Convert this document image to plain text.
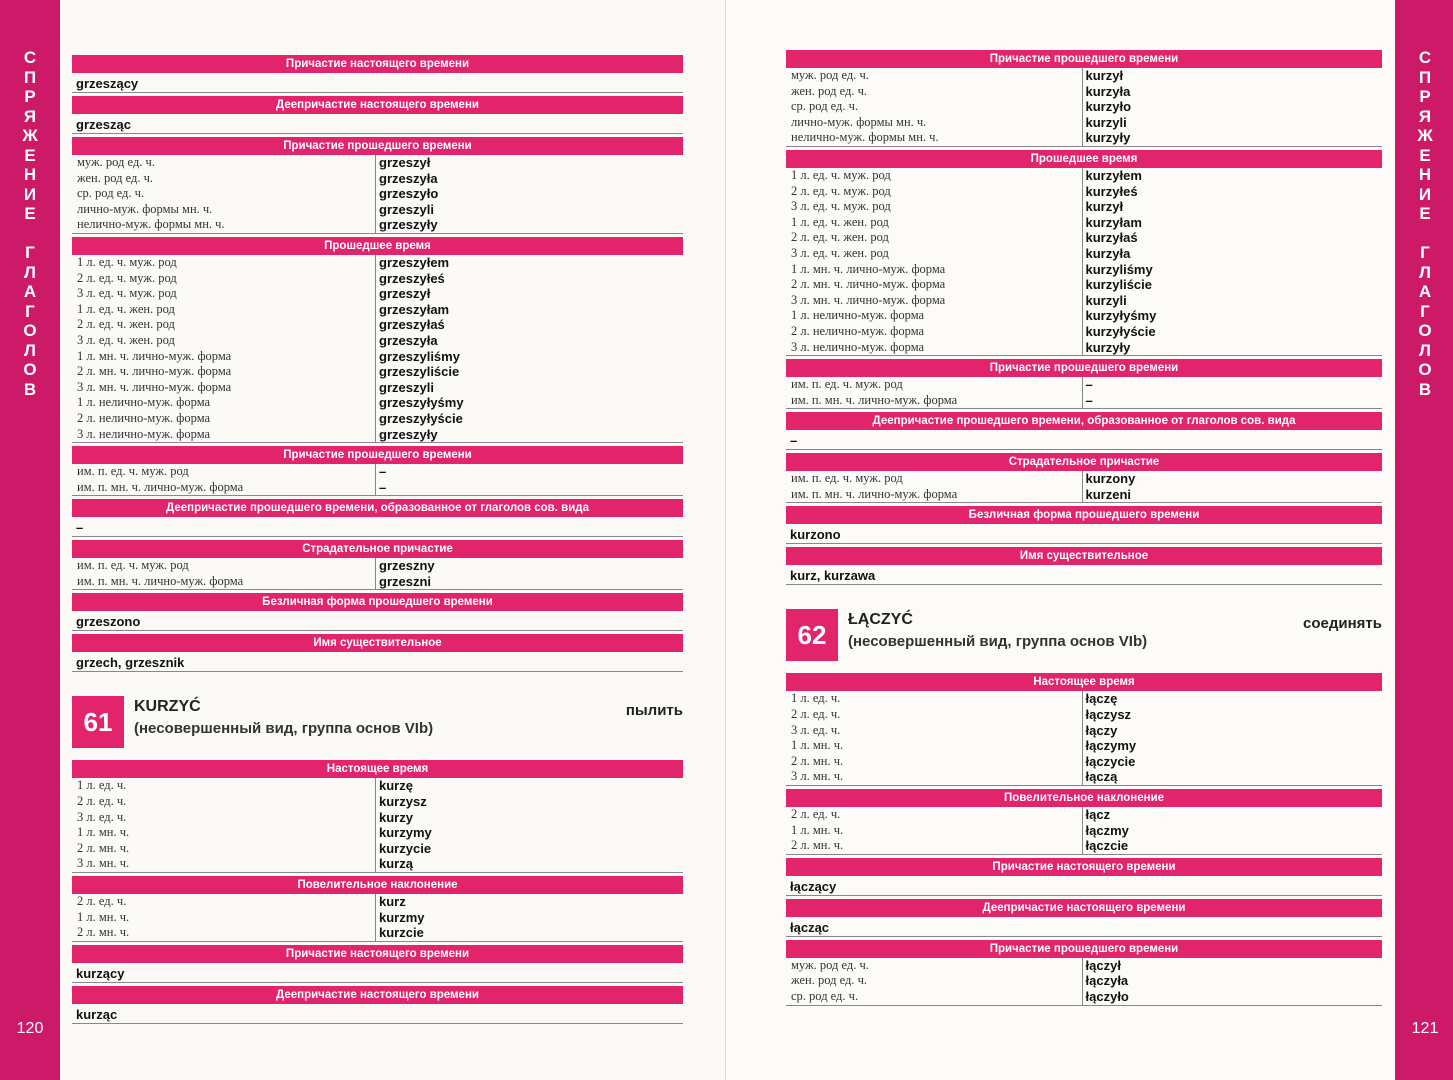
С
П
Р
Я
Ж
Е
Н
И
Е
Г
Л
А
Г
О
Л
О
В
120
Причастие настоящего времени
grzeszący
Деепричастие настоящего времени
grzesząc
Причастие прошедшего времени
муж. род ед. ч.
жен. род ед. ч.
ср. род ед. ч.
лично-муж. формы мн. ч.
нелично-муж. формы мн. ч.
grzeszył
grzeszyła
grzeszyło
grzeszyli
grzeszyły
Прошедшее время
1 л. ед. ч. муж. род
2 л. ед. ч. муж. род
3 л. ед. ч. муж. род
1 л. ед. ч. жен. род
2 л. ед. ч. жен. род
3 л. ед. ч. жен. род
1 л. мн. ч. лично-муж. форма
2 л. мн. ч. лично-муж. форма
3 л. мн. ч. лично-муж. форма
1 л. нелично-муж. форма
2 л. нелично-муж. форма
3 л. нелично-муж. форма
grzeszyłem
grzeszyłeś
grzeszył
grzeszyłam
grzeszyłaś
grzeszyła
grzeszyliśmy
grzeszyliście
grzeszyli
grzeszyłyśmy
grzeszyłyście
grzeszyły
Причастие прошедшего времени
им. п. ед. ч. муж. род
им. п. мн. ч. лично-муж. форма
–
–
Деепричастие прошедшего времени, образованное от глаголов сов. вида
–
Страдательное причастие
им. п. ед. ч. муж. род
им. п. мн. ч. лично-муж. форма
grzeszny
grzeszni
Безличная форма прошедшего времени
grzeszono
Имя существительное
grzech, grzesznik
61
KURZYĆ
(несовершенный вид, группа основ VIb)
пылить
Настоящее время
1 л. ед. ч.
2 л. ед. ч.
3 л. ед. ч.
1 л. мн. ч.
2 л. мн. ч.
3 л. мн. ч.
kurzę
kurzysz
kurzy
kurzymy
kurzycie
kurzą
Повелительное наклонение
2 л. ед. ч.
1 л. мн. ч.
2 л. мн. ч.
kurz
kurzmy
kurzcie
Причастие настоящего времени
kurzący
Деепричастие настоящего времени
kurząc
Причастие прошедшего времени
муж. род ед. ч.
жен. род ед. ч.
ср. род ед. ч.
лично-муж. формы мн. ч.
нелично-муж. формы мн. ч.
kurzył
kurzyła
kurzyło
kurzyli
kurzyły
Прошедшее время
1 л. ед. ч. муж. род
2 л. ед. ч. муж. род
3 л. ед. ч. муж. род
1 л. ед. ч. жен. род
2 л. ед. ч. жен. род
3 л. ед. ч. жен. род
1 л. мн. ч. лично-муж. форма
2 л. мн. ч. лично-муж. форма
3 л. мн. ч. лично-муж. форма
1 л. нелично-муж. форма
2 л. нелично-муж. форма
3 л. нелично-муж. форма
kurzyłem
kurzyłeś
kurzył
kurzyłam
kurzyłaś
kurzyła
kurzyliśmy
kurzyliście
kurzyli
kurzyłyśmy
kurzyłyście
kurzyły
Причастие прошедшего времени
им. п. ед. ч. муж. род
им. п. мн. ч. лично-муж. форма
–
–
Деепричастие прошедшего времени, образованное от глаголов сов. вида
–
Страдательное причастие
им. п. ед. ч. муж. род
им. п. мн. ч. лично-муж. форма
kurzony
kurzeni
Безличная форма прошедшего времени
kurzono
Имя существительное
kurz, kurzawa
62
ŁĄCZYĆ
(несовершенный вид, группа основ VIb)
соединять
Настоящее время
1 л. ед. ч.
2 л. ед. ч.
3 л. ед. ч.
1 л. мн. ч.
2 л. мн. ч.
3 л. мн. ч.
łączę
łączysz
łączy
łączymy
łączycie
łączą
Повелительное наклонение
2 л. ед. ч.
1 л. мн. ч.
2 л. мн. ч.
łącz
łączmy
łączcie
Причастие настоящего времени
łączący
Деепричастие настоящего времени
łącząc
Причастие прошедшего времени
муж. род ед. ч.
жен. род ед. ч.
ср. род ед. ч.
łączył
łączyła
łączyło
С
П
Р
Я
Ж
Е
Н
И
Е
Г
Л
А
Г
О
Л
О
В
121
